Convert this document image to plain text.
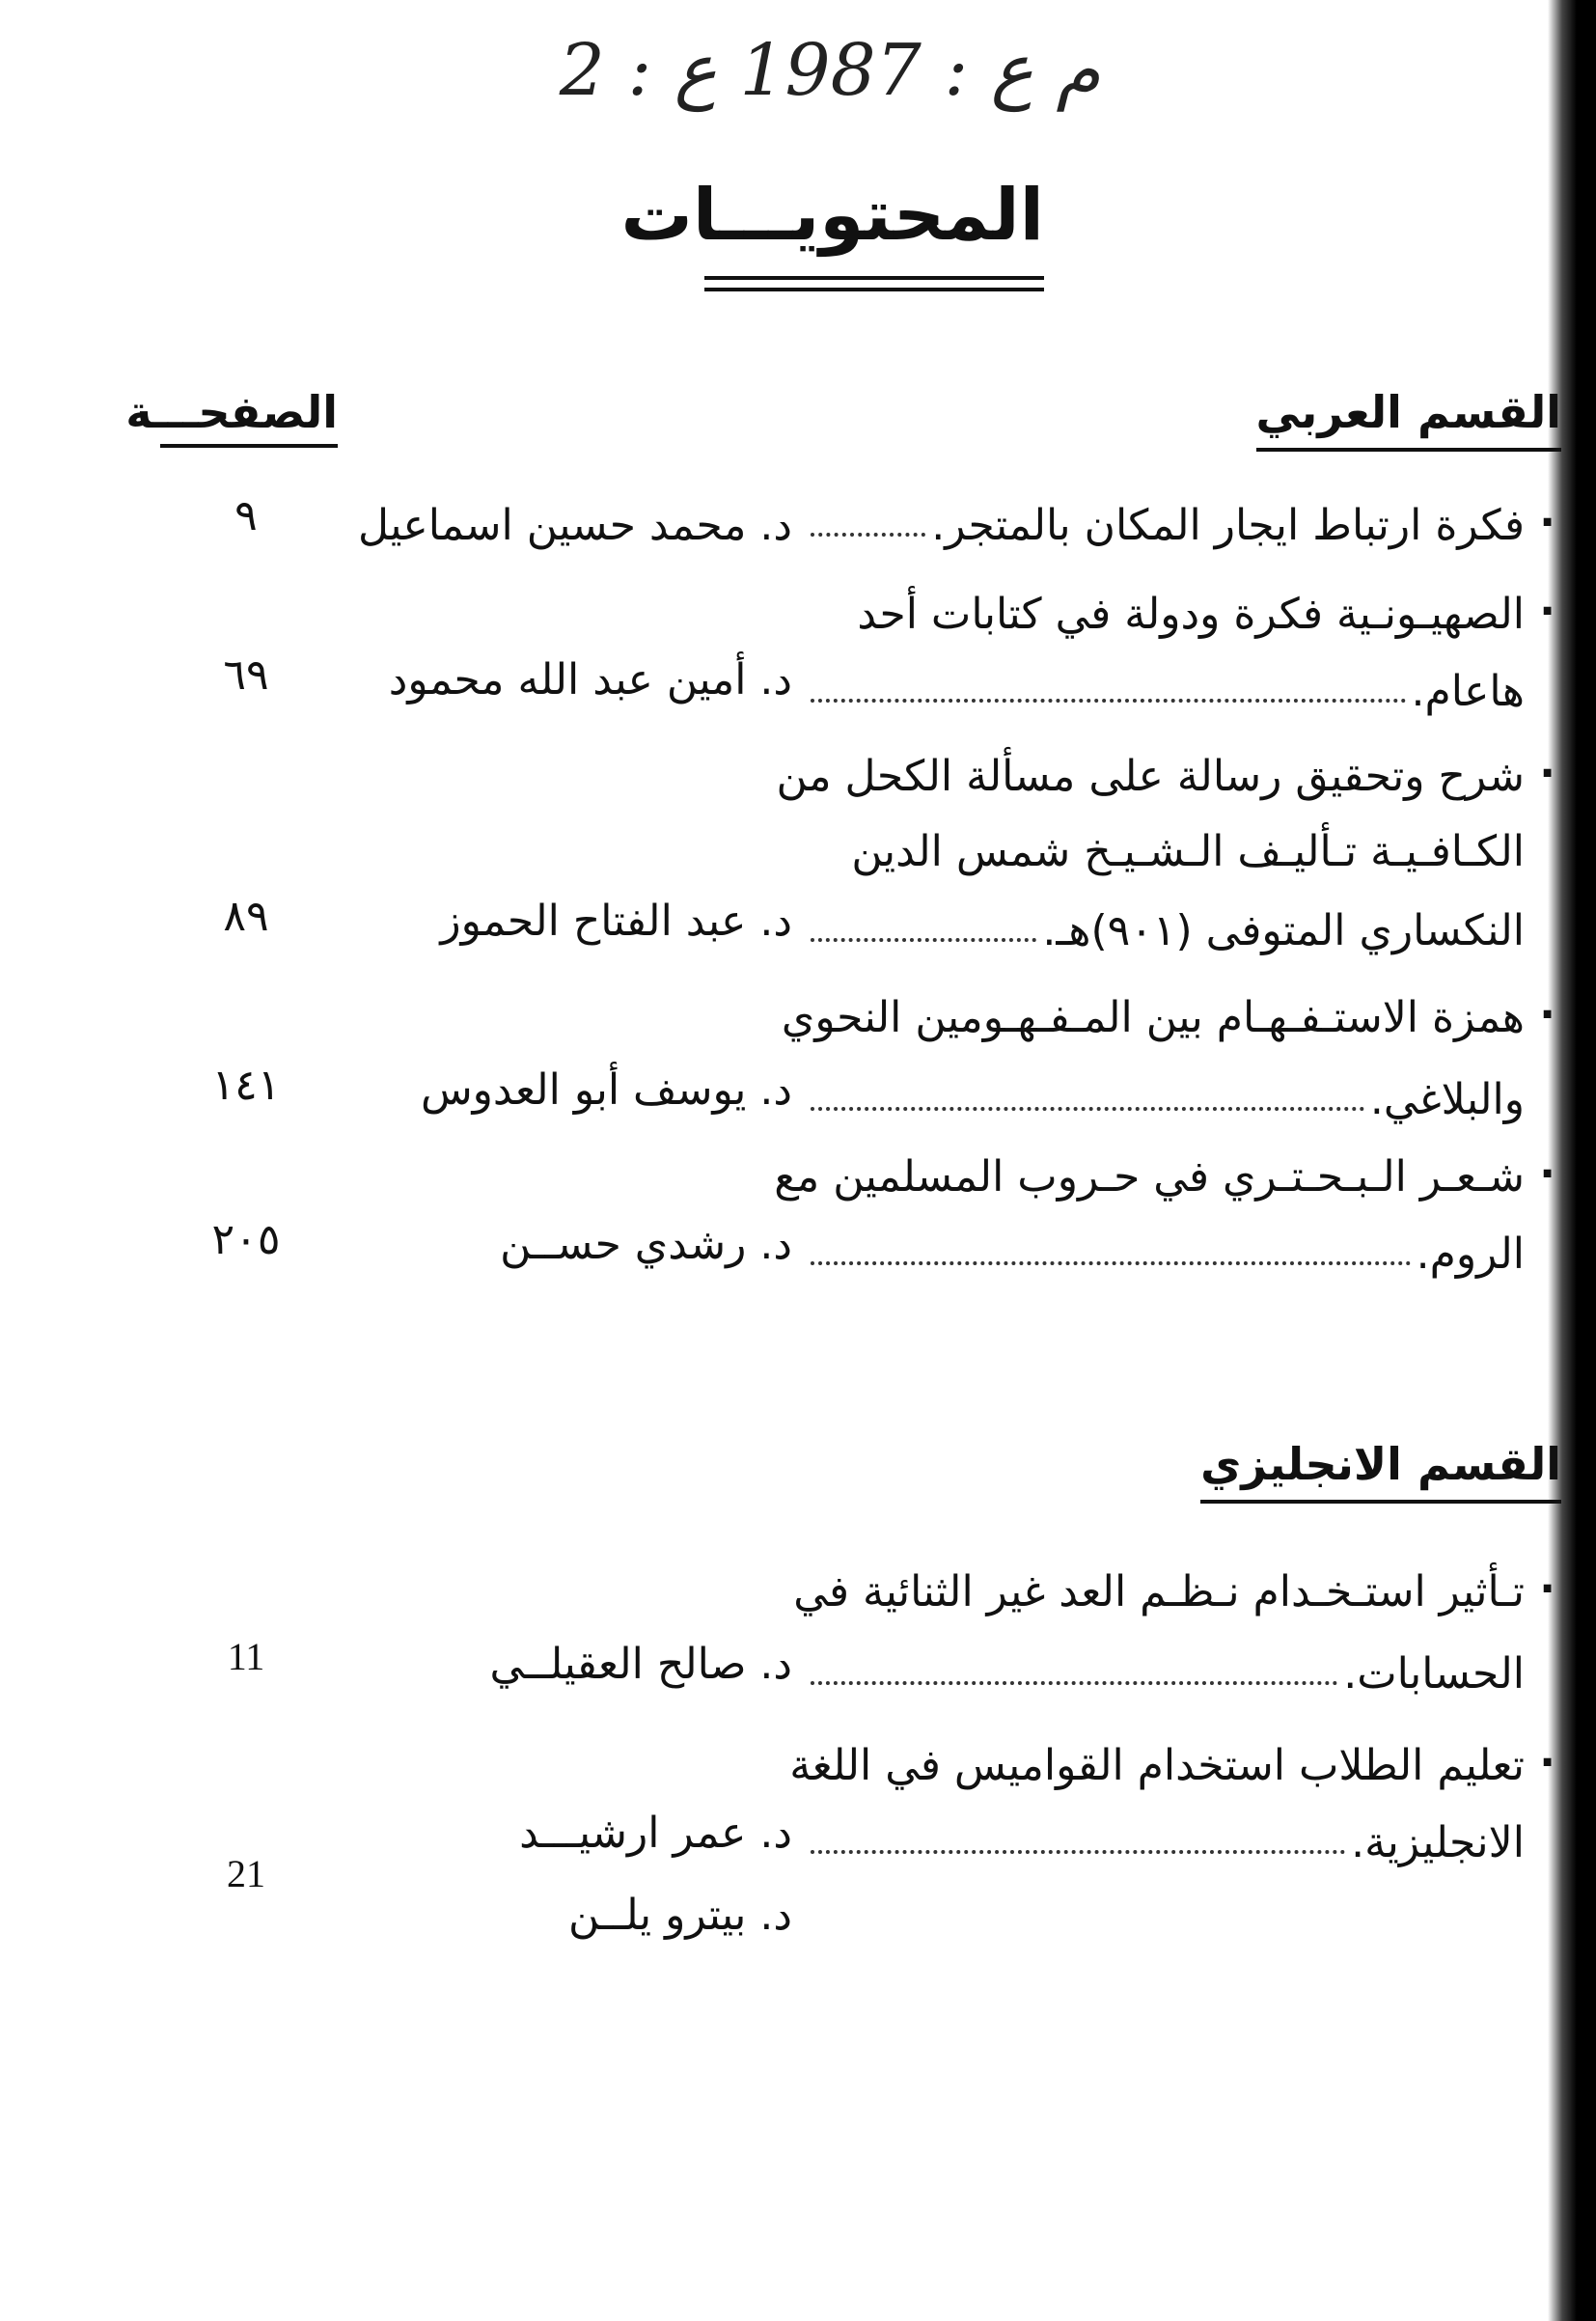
م ع : 1987 ع : 2
المحتويـــات
القسم العربي
الصفحـــة
.
فكرة ارتباط ايجار المكان بالمتجر.
د. محمد حسين اسماعيل
٩
.
الصهيـونـية فكرة ودولة في كتابات أحد
هاعام.
د. أمين عبد الله محمود
٦٩
.
شرح وتحقيق رسالة على مسألة الكحل من
الكـافـيـة تـأليـف الـشـيـخ شمس الدين
النكساري المتوفى (٩٠١)هـ.
د. عبد الفتاح الحموز
٨٩
.
همزة الاستـفـهـام بين المـفـهـومين النحوي
والبلاغي.
د. يوسف أبو العدوس
١٤١
.
شـعـر الـبـحـتـري في حـروب المسلمين مع
الروم.
د. رشدي حســن
٢٠٥
القسم الانجليزي
.
تـأثير استـخـدام نـظـم العد غير الثنائية في
الحسابات.
د. صالح العقيلــي
11
.
تعليم الطلاب استخدام القواميس في اللغة
الانجليزية.
د. عمر ارشيـــد
د. بيترو يلــن
21
